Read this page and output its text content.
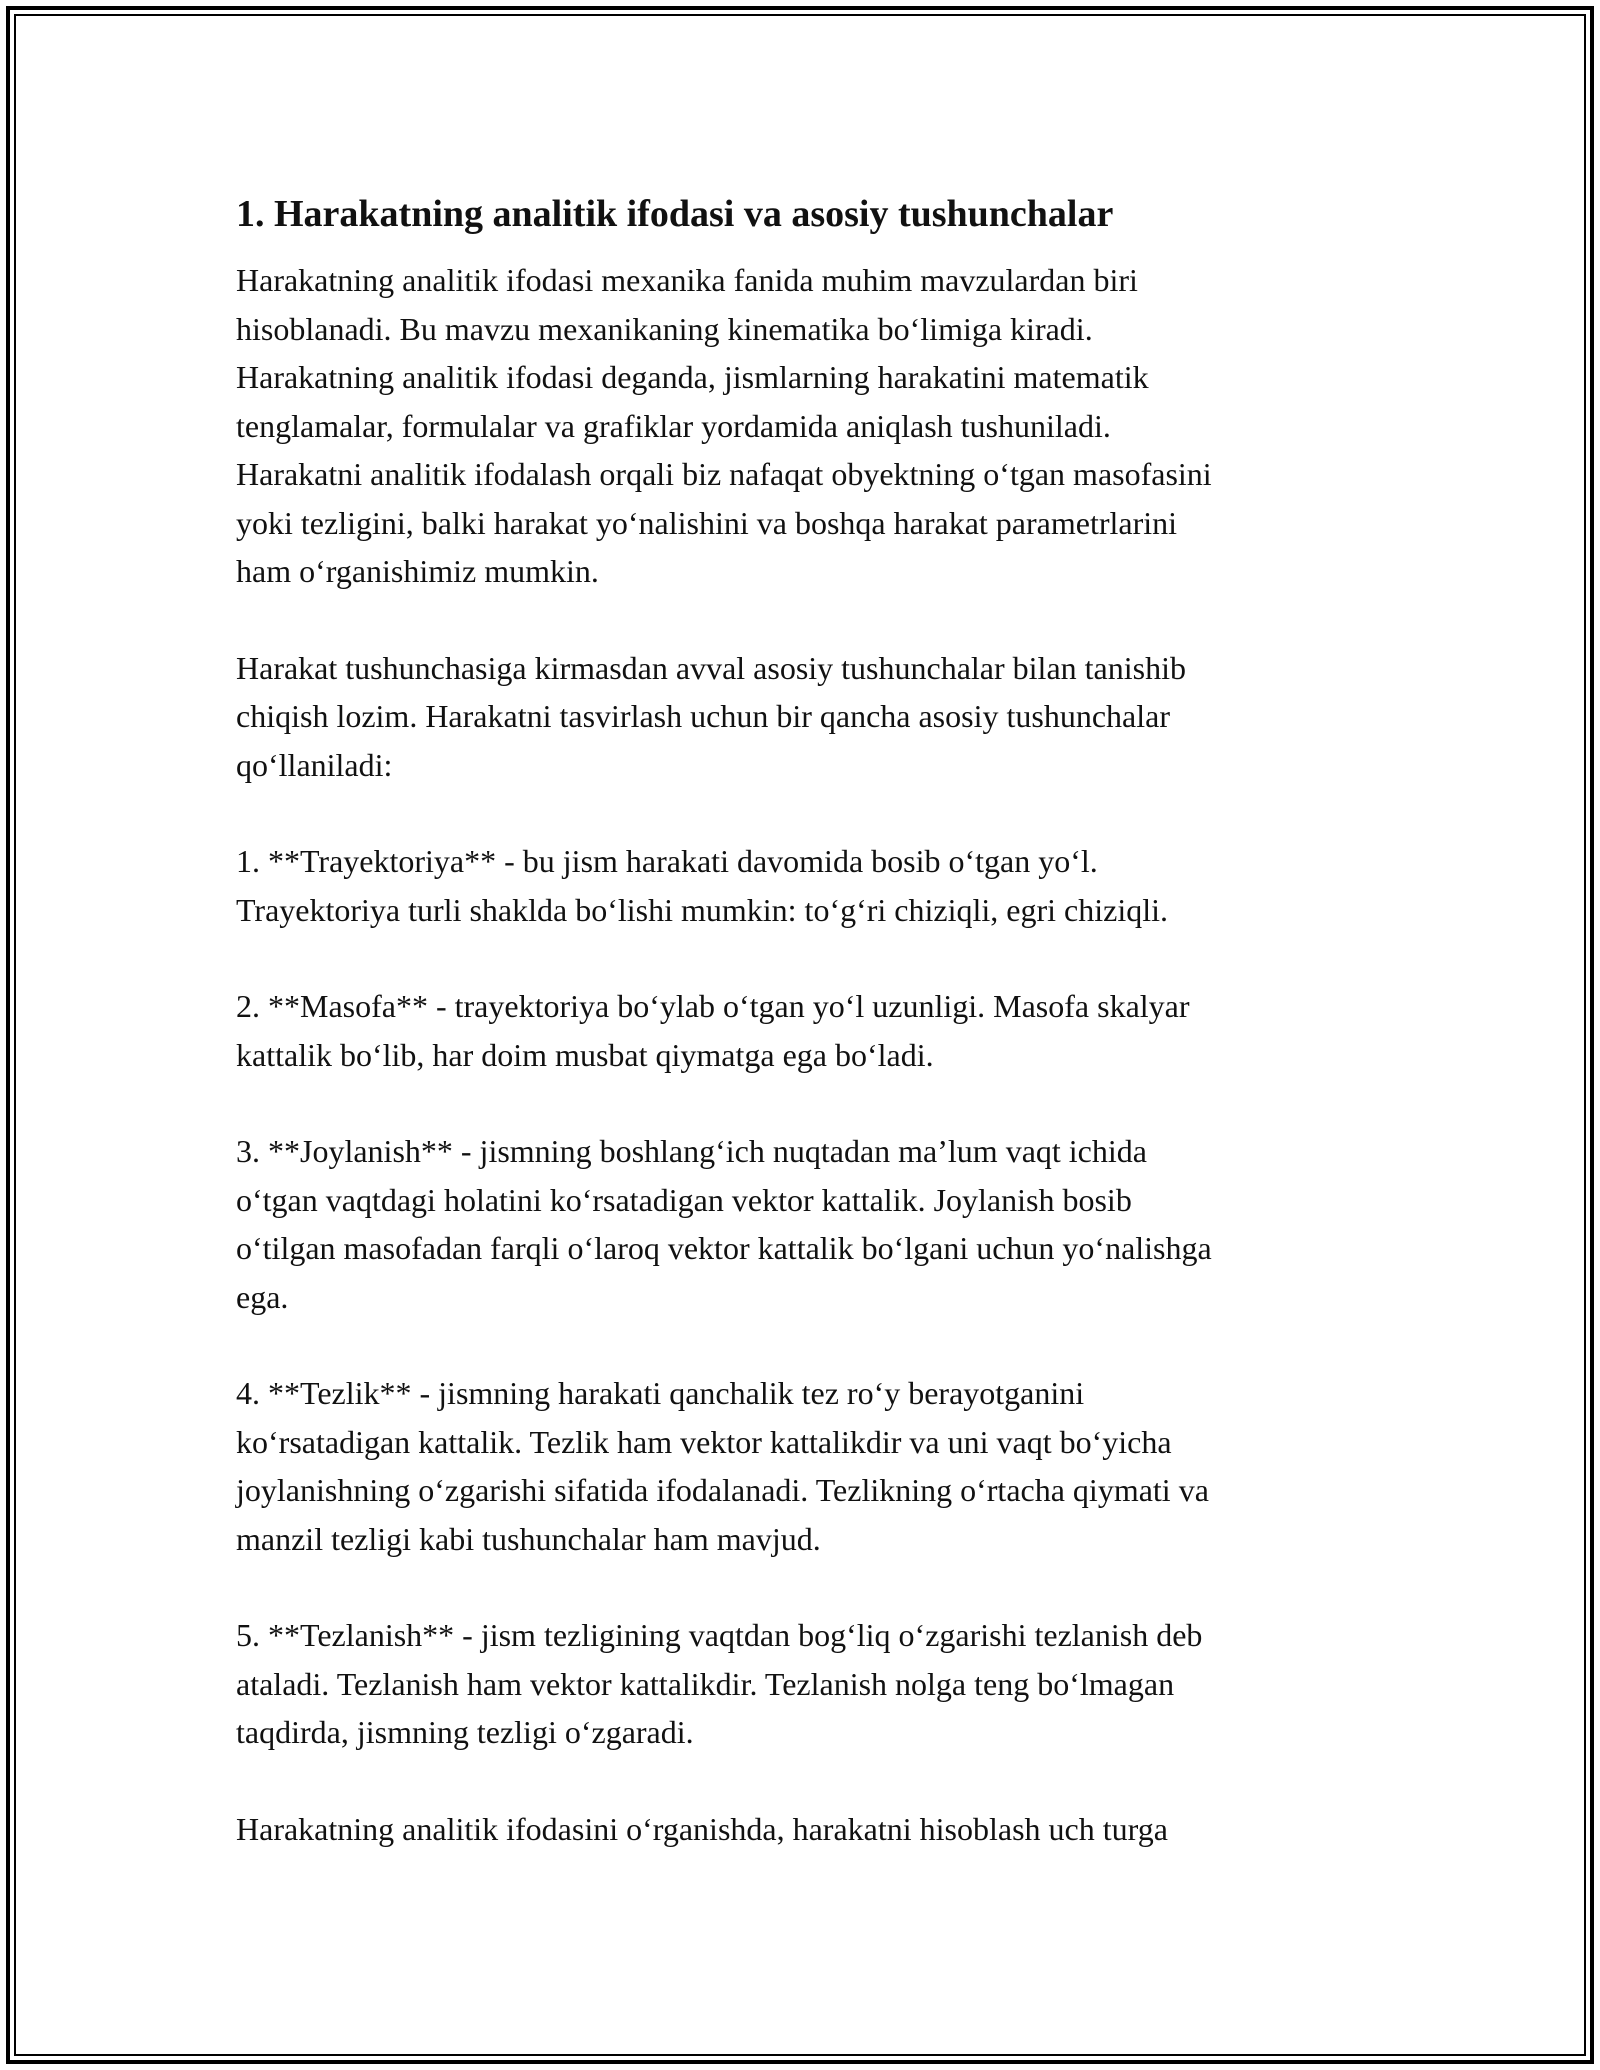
1. Harakatning analitik ifodasi va asosiy tushunchalar

Harakatning analitik ifodasi mexanika fanida muhim mavzulardan biri
hisoblanadi. Bu mavzu mexanikaning kinematika bo‘limiga kiradi.
Harakatning analitik ifodasi deganda, jismlarning harakatini matematik
tenglamalar, formulalar va grafiklar yordamida aniqlash tushuniladi.
Harakatni analitik ifodalash orqali biz nafaqat obyektning o‘tgan masofasini
yoki tezligini, balki harakat yo‘nalishini va boshqa harakat parametrlarini
ham o‘rganishimiz mumkin.

Harakat tushunchasiga kirmasdan avval asosiy tushunchalar bilan tanishib
chiqish lozim. Harakatni tasvirlash uchun bir qancha asosiy tushunchalar
qo‘llaniladi:

1. **Trayektoriya** - bu jism harakati davomida bosib o‘tgan yo‘l.
Trayektoriya turli shaklda bo‘lishi mumkin: to‘g‘ri chiziqli, egri chiziqli.

2. **Masofa** - trayektoriya bo‘ylab o‘tgan yo‘l uzunligi. Masofa skalyar
kattalik bo‘lib, har doim musbat qiymatga ega bo‘ladi.

3. **Joylanish** - jismning boshlang‘ich nuqtadan ma’lum vaqt ichida
o‘tgan vaqtdagi holatini ko‘rsatadigan vektor kattalik. Joylanish bosib
o‘tilgan masofadan farqli o‘laroq vektor kattalik bo‘lgani uchun yo‘nalishga
ega.

4. **Tezlik** - jismning harakati qanchalik tez ro‘y berayotganini
ko‘rsatadigan kattalik. Tezlik ham vektor kattalikdir va uni vaqt bo‘yicha
joylanishning o‘zgarishi sifatida ifodalanadi. Tezlikning o‘rtacha qiymati va
manzil tezligi kabi tushunchalar ham mavjud.

5. **Tezlanish** - jism tezligining vaqtdan bog‘liq o‘zgarishi tezlanish deb
ataladi. Tezlanish ham vektor kattalikdir. Tezlanish nolga teng bo‘lmagan
taqdirda, jismning tezligi o‘zgaradi.

Harakatning analitik ifodasini o‘rganishda, harakatni hisoblash uch turga
